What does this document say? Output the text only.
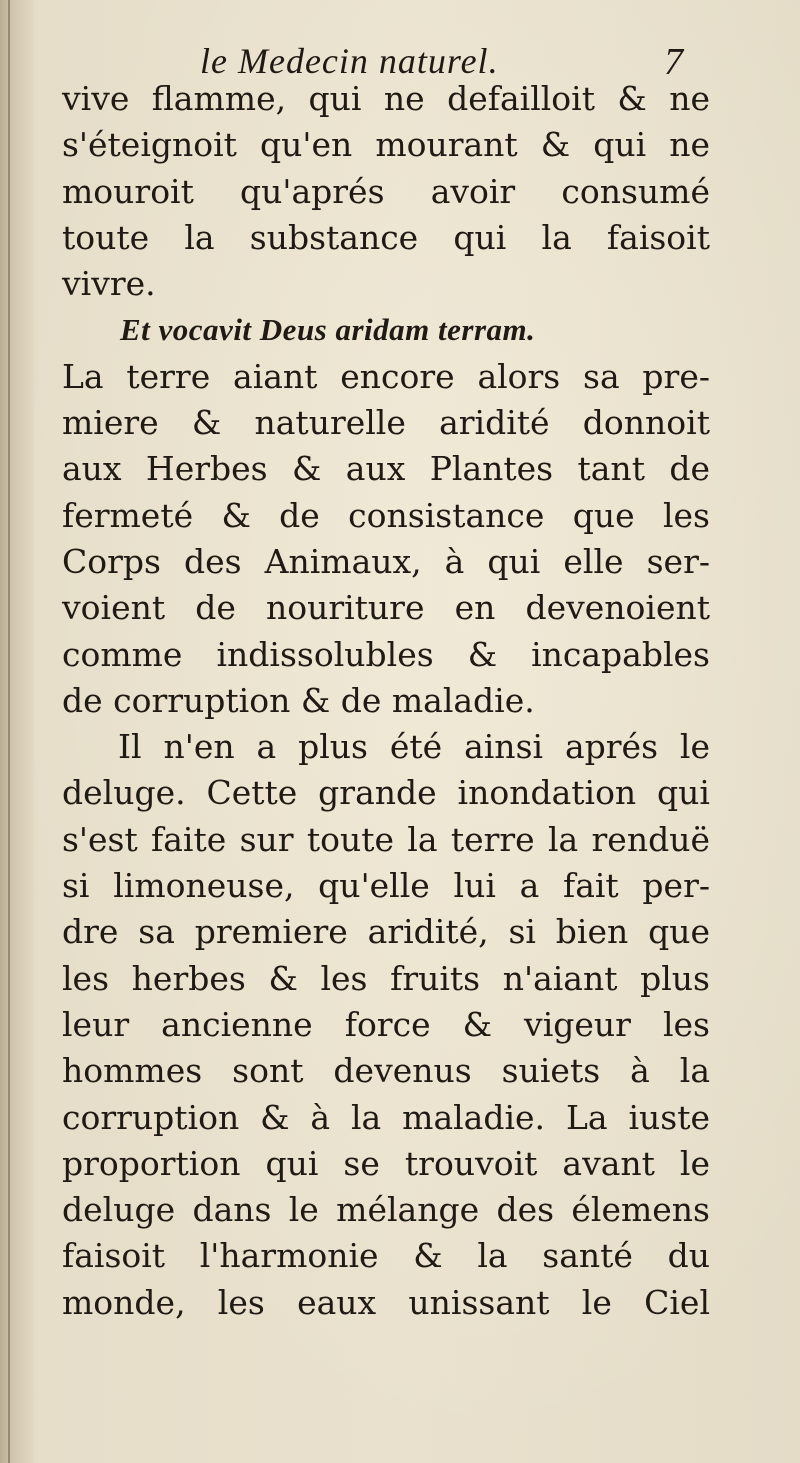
le Medecin naturel.	7
vive flamme, qui ne defailloit & ne
s'éteignoit qu'en mourant & qui ne
mouroit qu'aprés avoir consumé
toute la substance qui la faisoit
vivre.
Et vocavit Deus aridam terram.
La terre aiant encore alors sa pre-
miere & naturelle aridité donnoit
aux Herbes & aux Plantes tant de
fermeté & de consistance que les
Corps des Animaux, à qui elle ser-
voient de nouriture en devenoient
comme indissolubles & incapables
de corruption & de maladie.
Il n'en a plus été ainsi aprés le
deluge. Cette grande inondation qui
s'est faite sur toute la terre la renduë
si limoneuse, qu'elle lui a fait per-
dre sa premiere aridité, si bien que
les herbes & les fruits n'aiant plus
leur ancienne force & vigeur les
hommes sont devenus suiets à la
corruption & à la maladie. La iuste
proportion qui se trouvoit avant le
deluge dans le mélange des élemens
faisoit l'harmonie & la santé du
monde, les eaux unissant le Ciel
